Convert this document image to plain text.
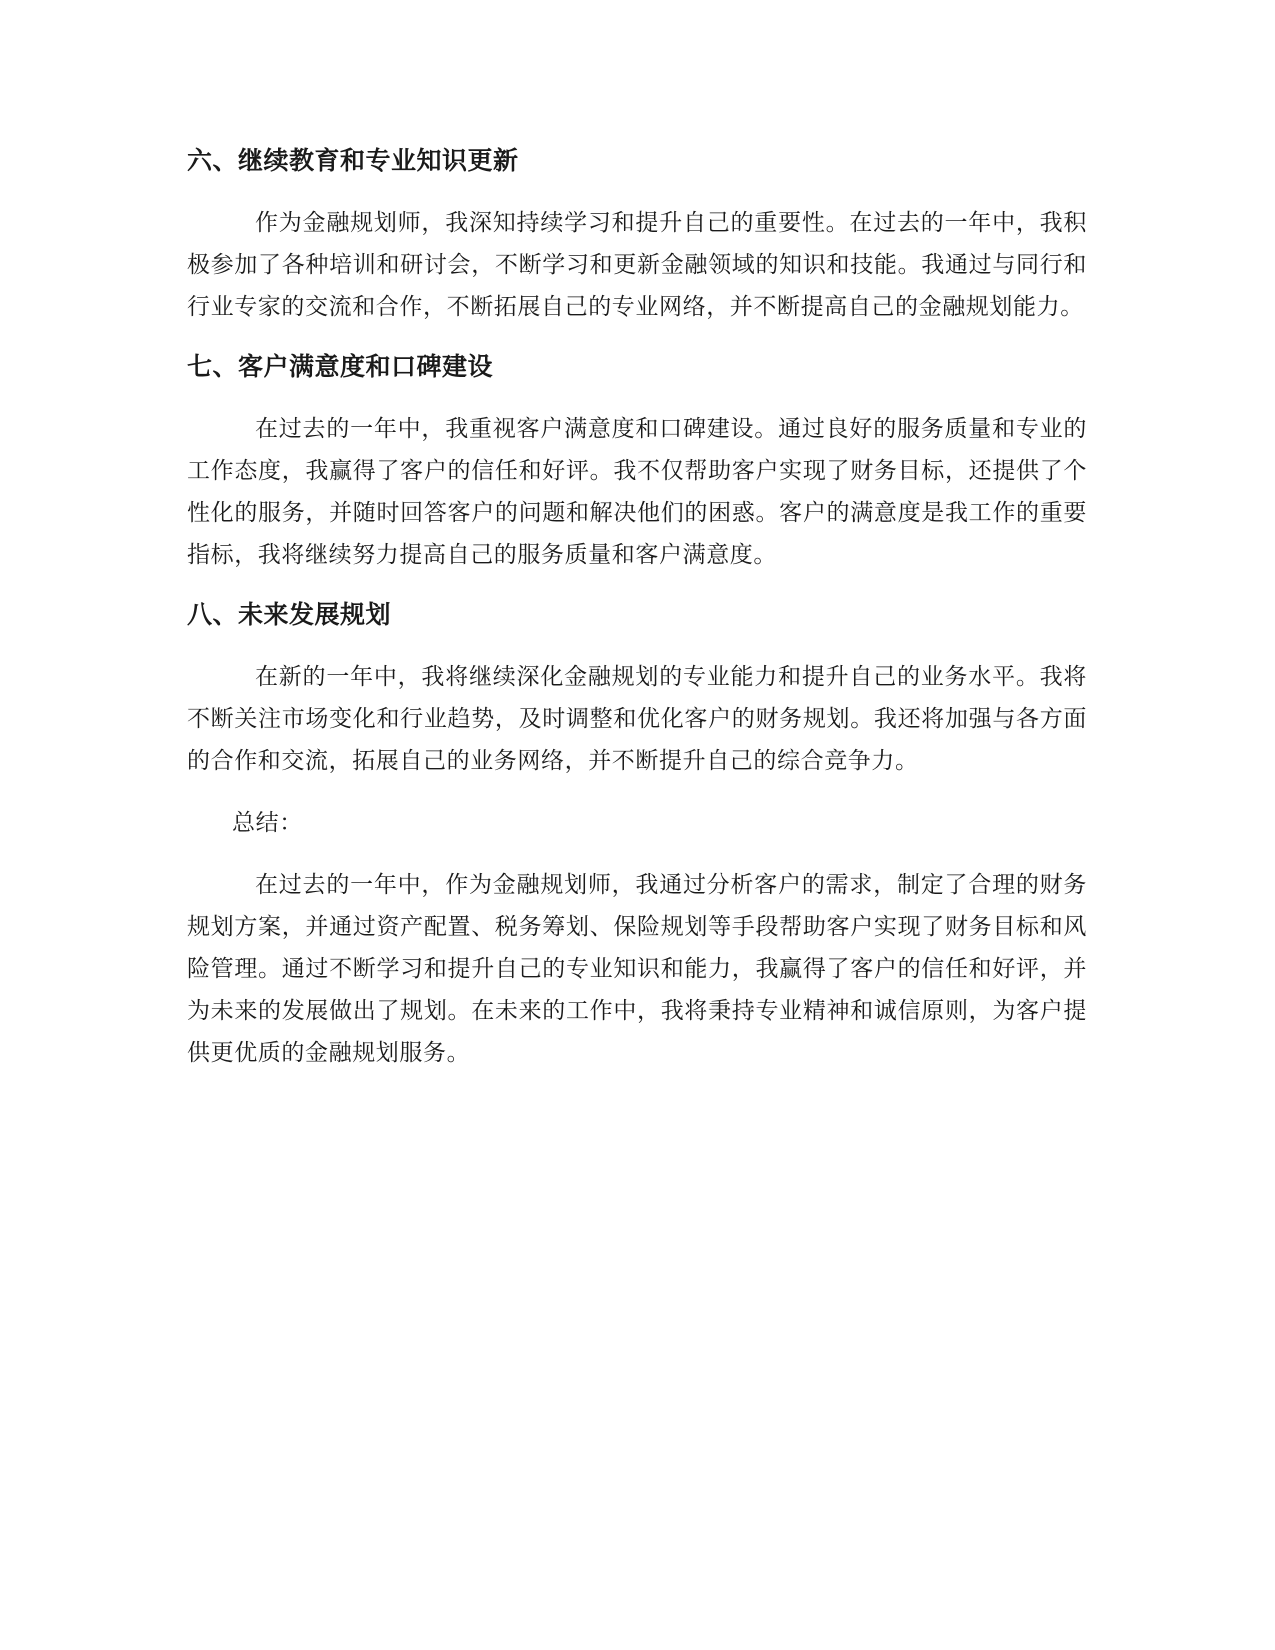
六、继续教育和专业知识更新

作为金融规划师，我深知持续学习和提升自己的重要性。在过去的一年中，我积极参加了各种培训和研讨会，不断学习和更新金融领域的知识和技能。我通过与同行和行业专家的交流和合作，不断拓展自己的专业网络，并不断提高自己的金融规划能力。

七、客户满意度和口碑建设

在过去的一年中，我重视客户满意度和口碑建设。通过良好的服务质量和专业的工作态度，我赢得了客户的信任和好评。我不仅帮助客户实现了财务目标，还提供了个性化的服务，并随时回答客户的问题和解决他们的困惑。客户的满意度是我工作的重要指标，我将继续努力提高自己的服务质量和客户满意度。

八、未来发展规划

在新的一年中，我将继续深化金融规划的专业能力和提升自己的业务水平。我将不断关注市场变化和行业趋势，及时调整和优化客户的财务规划。我还将加强与各方面的合作和交流，拓展自己的业务网络，并不断提升自己的综合竞争力。

总结：

在过去的一年中，作为金融规划师，我通过分析客户的需求，制定了合理的财务规划方案，并通过资产配置、税务筹划、保险规划等手段帮助客户实现了财务目标和风险管理。通过不断学习和提升自己的专业知识和能力，我赢得了客户的信任和好评，并为未来的发展做出了规划。在未来的工作中，我将秉持专业精神和诚信原则，为客户提供更优质的金融规划服务。
